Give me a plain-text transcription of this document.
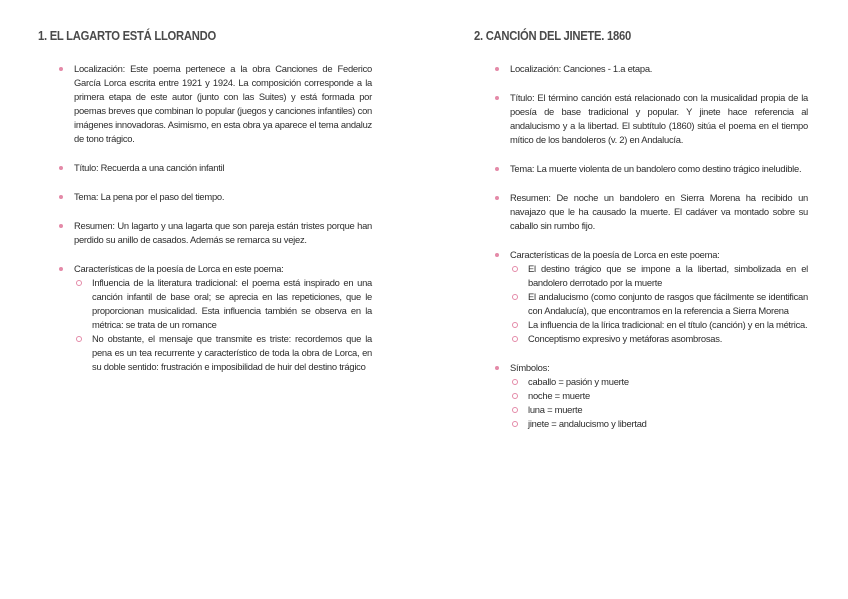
1. EL LAGARTO ESTÁ LLORANDO
Localización: Este poema pertenece a la obra Canciones de Federico García Lorca escrita entre 1921 y 1924. La composición corresponde a la primera etapa de este autor (junto con las Suites) y está formada por poemas breves que combinan lo popular (juegos y canciones infantiles) con imágenes innovadoras. Asimismo, en esta obra ya aparece el tema andaluz de tono trágico.
Título: Recuerda a una canción infantil
Tema: La pena por el paso del tiempo.
Resumen: Un lagarto y una lagarta que son pareja están tristes porque han perdido su anillo de casados. Además se remarca su vejez.
Características de la poesía de Lorca en este poema:
Influencia de la literatura tradicional: el poema está inspirado en una canción infantil de base oral; se aprecia en las repeticiones, que le proporcionan musicalidad. Esta influencia también se observa en la métrica: se trata de un romance
No obstante, el mensaje que transmite es triste: recordemos que la pena es un tea recurrente y característico de toda la obra de Lorca, en su doble sentido: frustración e imposibilidad de huir del destino trágico
2. CANCIÓN DEL JINETE. 1860
Localización: Canciones - 1.a etapa.
Título: El término canción está relacionado con la musicalidad propia de la poesía de base tradicional y popular. Y jinete hace referencia al andalucismo y a la libertad. El subtítulo (1860) sitúa el poema en el tiempo mítico de los bandoleros (v. 2) en Andalucía.
Tema: La muerte violenta de un bandolero como destino trágico ineludible.
Resumen: De noche un bandolero en Sierra Morena ha recibido un navajazo que le ha causado la muerte. El cadáver va montado sobre su caballo sin rumbo fijo.
Características de la poesía de Lorca en este poema:
El destino trágico que se impone a la libertad, simbolizada en el bandolero derrotado por la muerte
El andalucismo (como conjunto de rasgos que fácilmente se identifican con Andalucía), que encontramos en la referencia a Sierra Morena
La influencia de la lírica tradicional: en el título (canción) y en la métrica.
Conceptismo expresivo y metáforas asombrosas.
Símbolos:
caballo = pasión y muerte
noche = muerte
luna = muerte
jinete = andalucismo y libertad
